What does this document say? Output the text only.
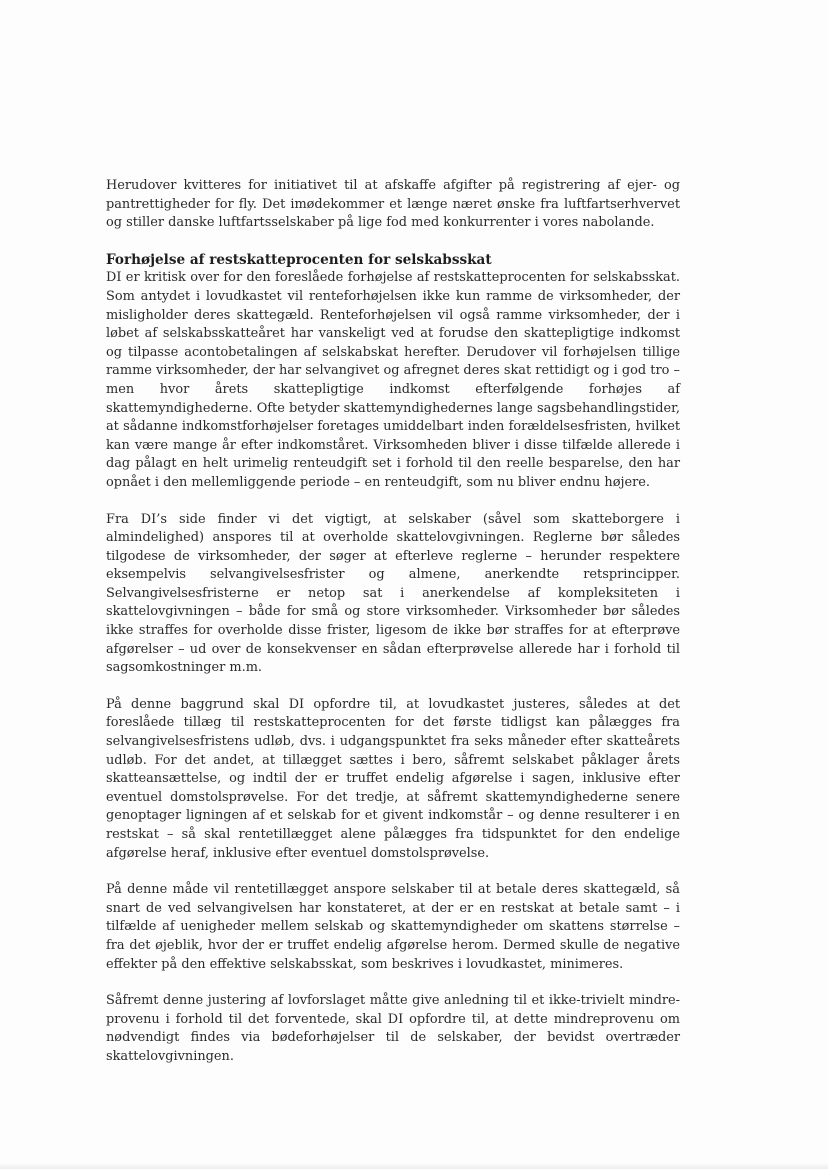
Herudover kvitteres for initiativet til at afskaffe afgifter på registrering af ejer- og pantrettigheder for fly. Det imødekommer et længe næret ønske fra luftfartserhvervet og stiller danske luftfartsselskaber på lige fod med konkurrenter i vores nabolande.

Forhøjelse af restskatteprocenten for selskabsskat

DI er kritisk over for den foreslåede forhøjelse af restskatteprocenten for selskabsskat. Som antydet i lovudkastet vil renteforhøjelsen ikke kun ramme de virksomheder, der misligholder deres skattegæld. Renteforhøjelsen vil også ramme virksomheder, der i løbet af selskabsskatteåret har vanskeligt ved at forudse den skattepligtige indkomst og tilpasse acontobetalingen af selskabskat herefter. Derudover vil forhøjelsen tillige ramme virksomheder, der har selvangivet og afregnet deres skat rettidigt og i god tro – men hvor årets skattepligtige indkomst efterfølgende forhøjes af skattemyndighederne. Ofte betyder skattemyndighedernes lange sagsbehandlingstider, at sådanne indkomstforhøjelser foretages umiddelbart inden forældelsesfristen, hvilket kan være mange år efter indkomståret. Virksomheden bliver i disse tilfælde allerede i dag pålagt en helt urimelig renteudgift set i forhold til den reelle besparelse, den har opnået i den mellemliggende periode – en renteudgift, som nu bliver endnu højere.

Fra DI’s side finder vi det vigtigt, at selskaber (såvel som skatteborgere i almindelighed) anspores til at overholde skattelovgivningen. Reglerne bør således tilgodese de virksomheder, der søger at efterleve reglerne – herunder respektere eksempelvis selvangivelsesfrister og almene, anerkendte retsprincipper. Selvangivelsesfristerne er netop sat i anerkendelse af kompleksiteten i skattelovgivningen – både for små og store virksomheder. Virksomheder bør således ikke straffes for overholde disse frister, ligesom de ikke bør straffes for at efterprøve afgørelser – ud over de konsekvenser en sådan efterprøvelse allerede har i forhold til sagsomkostninger m.m.

På denne baggrund skal DI opfordre til, at lovudkastet justeres, således at det foreslåede tillæg til restskatteprocenten for det første tidligst kan pålægges fra selvangivelsesfristens udløb, dvs. i udgangspunktet fra seks måneder efter skatteårets udløb. For det andet, at tillægget sættes i bero, såfremt selskabet påklager årets skatteansættelse, og indtil der er truffet endelig afgørelse i sagen, inklusive efter eventuel domstolsprøvelse. For det tredje, at såfremt skattemyndighederne senere genoptager ligningen af et selskab for et givent indkomstår – og denne resulterer i en restskat – så skal rentetillægget alene pålægges fra tidspunktet for den endelige afgørelse heraf, inklusive efter eventuel domstolsprøvelse.

På denne måde vil rentetillægget anspore selskaber til at betale deres skattegæld, så snart de ved selvangivelsen har konstateret, at der er en restskat at betale samt – i tilfælde af uenigheder mellem selskab og skattemyndigheder om skattens størrelse – fra det øjeblik, hvor der er truffet endelig afgørelse herom. Dermed skulle de negative effekter på den effektive selskabsskat, som beskrives i lovudkastet, minimeres.

Såfremt denne justering af lovforslaget måtte give anledning til et ikke-trivielt mindreprovenu i forhold til det forventede, skal DI opfordre til, at dette mindreprovenu om nødvendigt findes via bødeforhøjelser til de selskaber, der bevidst overtræder skattelovgivningen.
